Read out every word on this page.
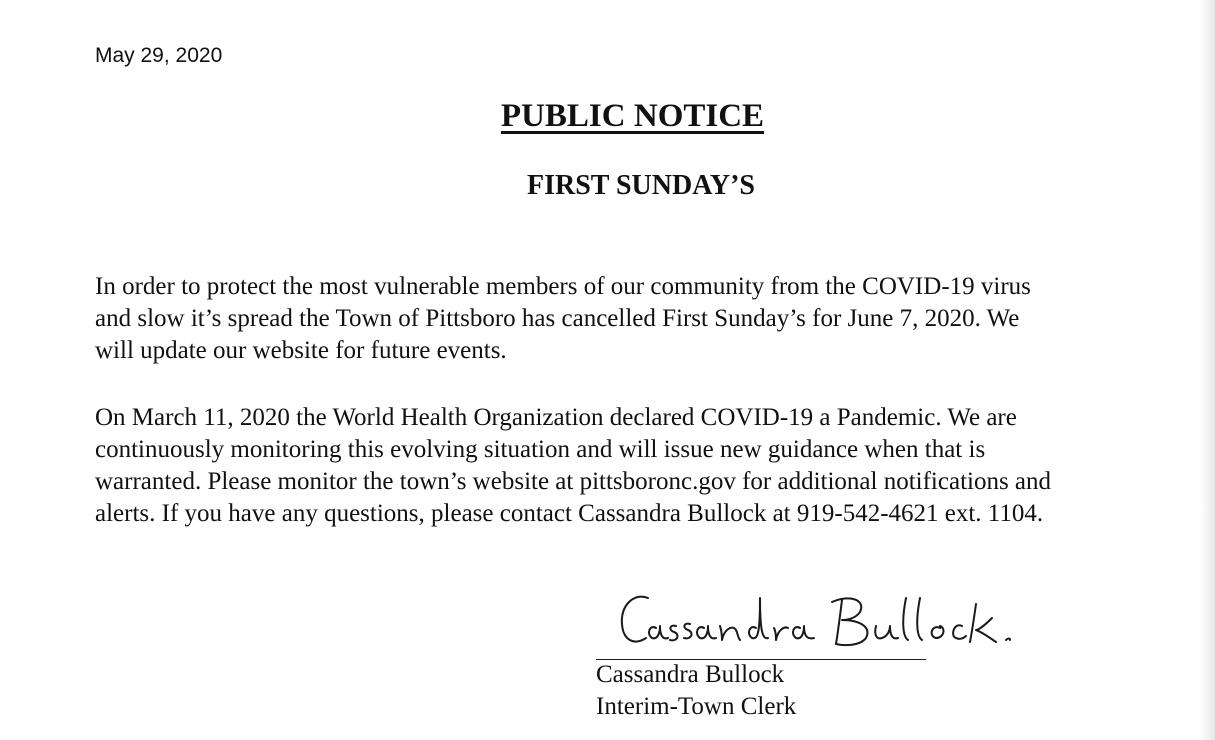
May 29, 2020
PUBLIC NOTICE
FIRST SUNDAY’S
In order to protect the most vulnerable members of our community from the COVID-19 virus
and slow it’s spread the Town of Pittsboro has cancelled First Sunday’s for June 7, 2020. We
will update our website for future events.
On March 11, 2020 the World Health Organization declared COVID-19 a Pandemic. We are
continuously monitoring this evolving situation and will issue new guidance when that is
warranted. Please monitor the town’s website at pittsboronc.gov for additional notifications and
alerts. If you have any questions, please contact Cassandra Bullock at 919-542-4621 ext. 1104.
Cassandra Bullock
Interim-Town Clerk
